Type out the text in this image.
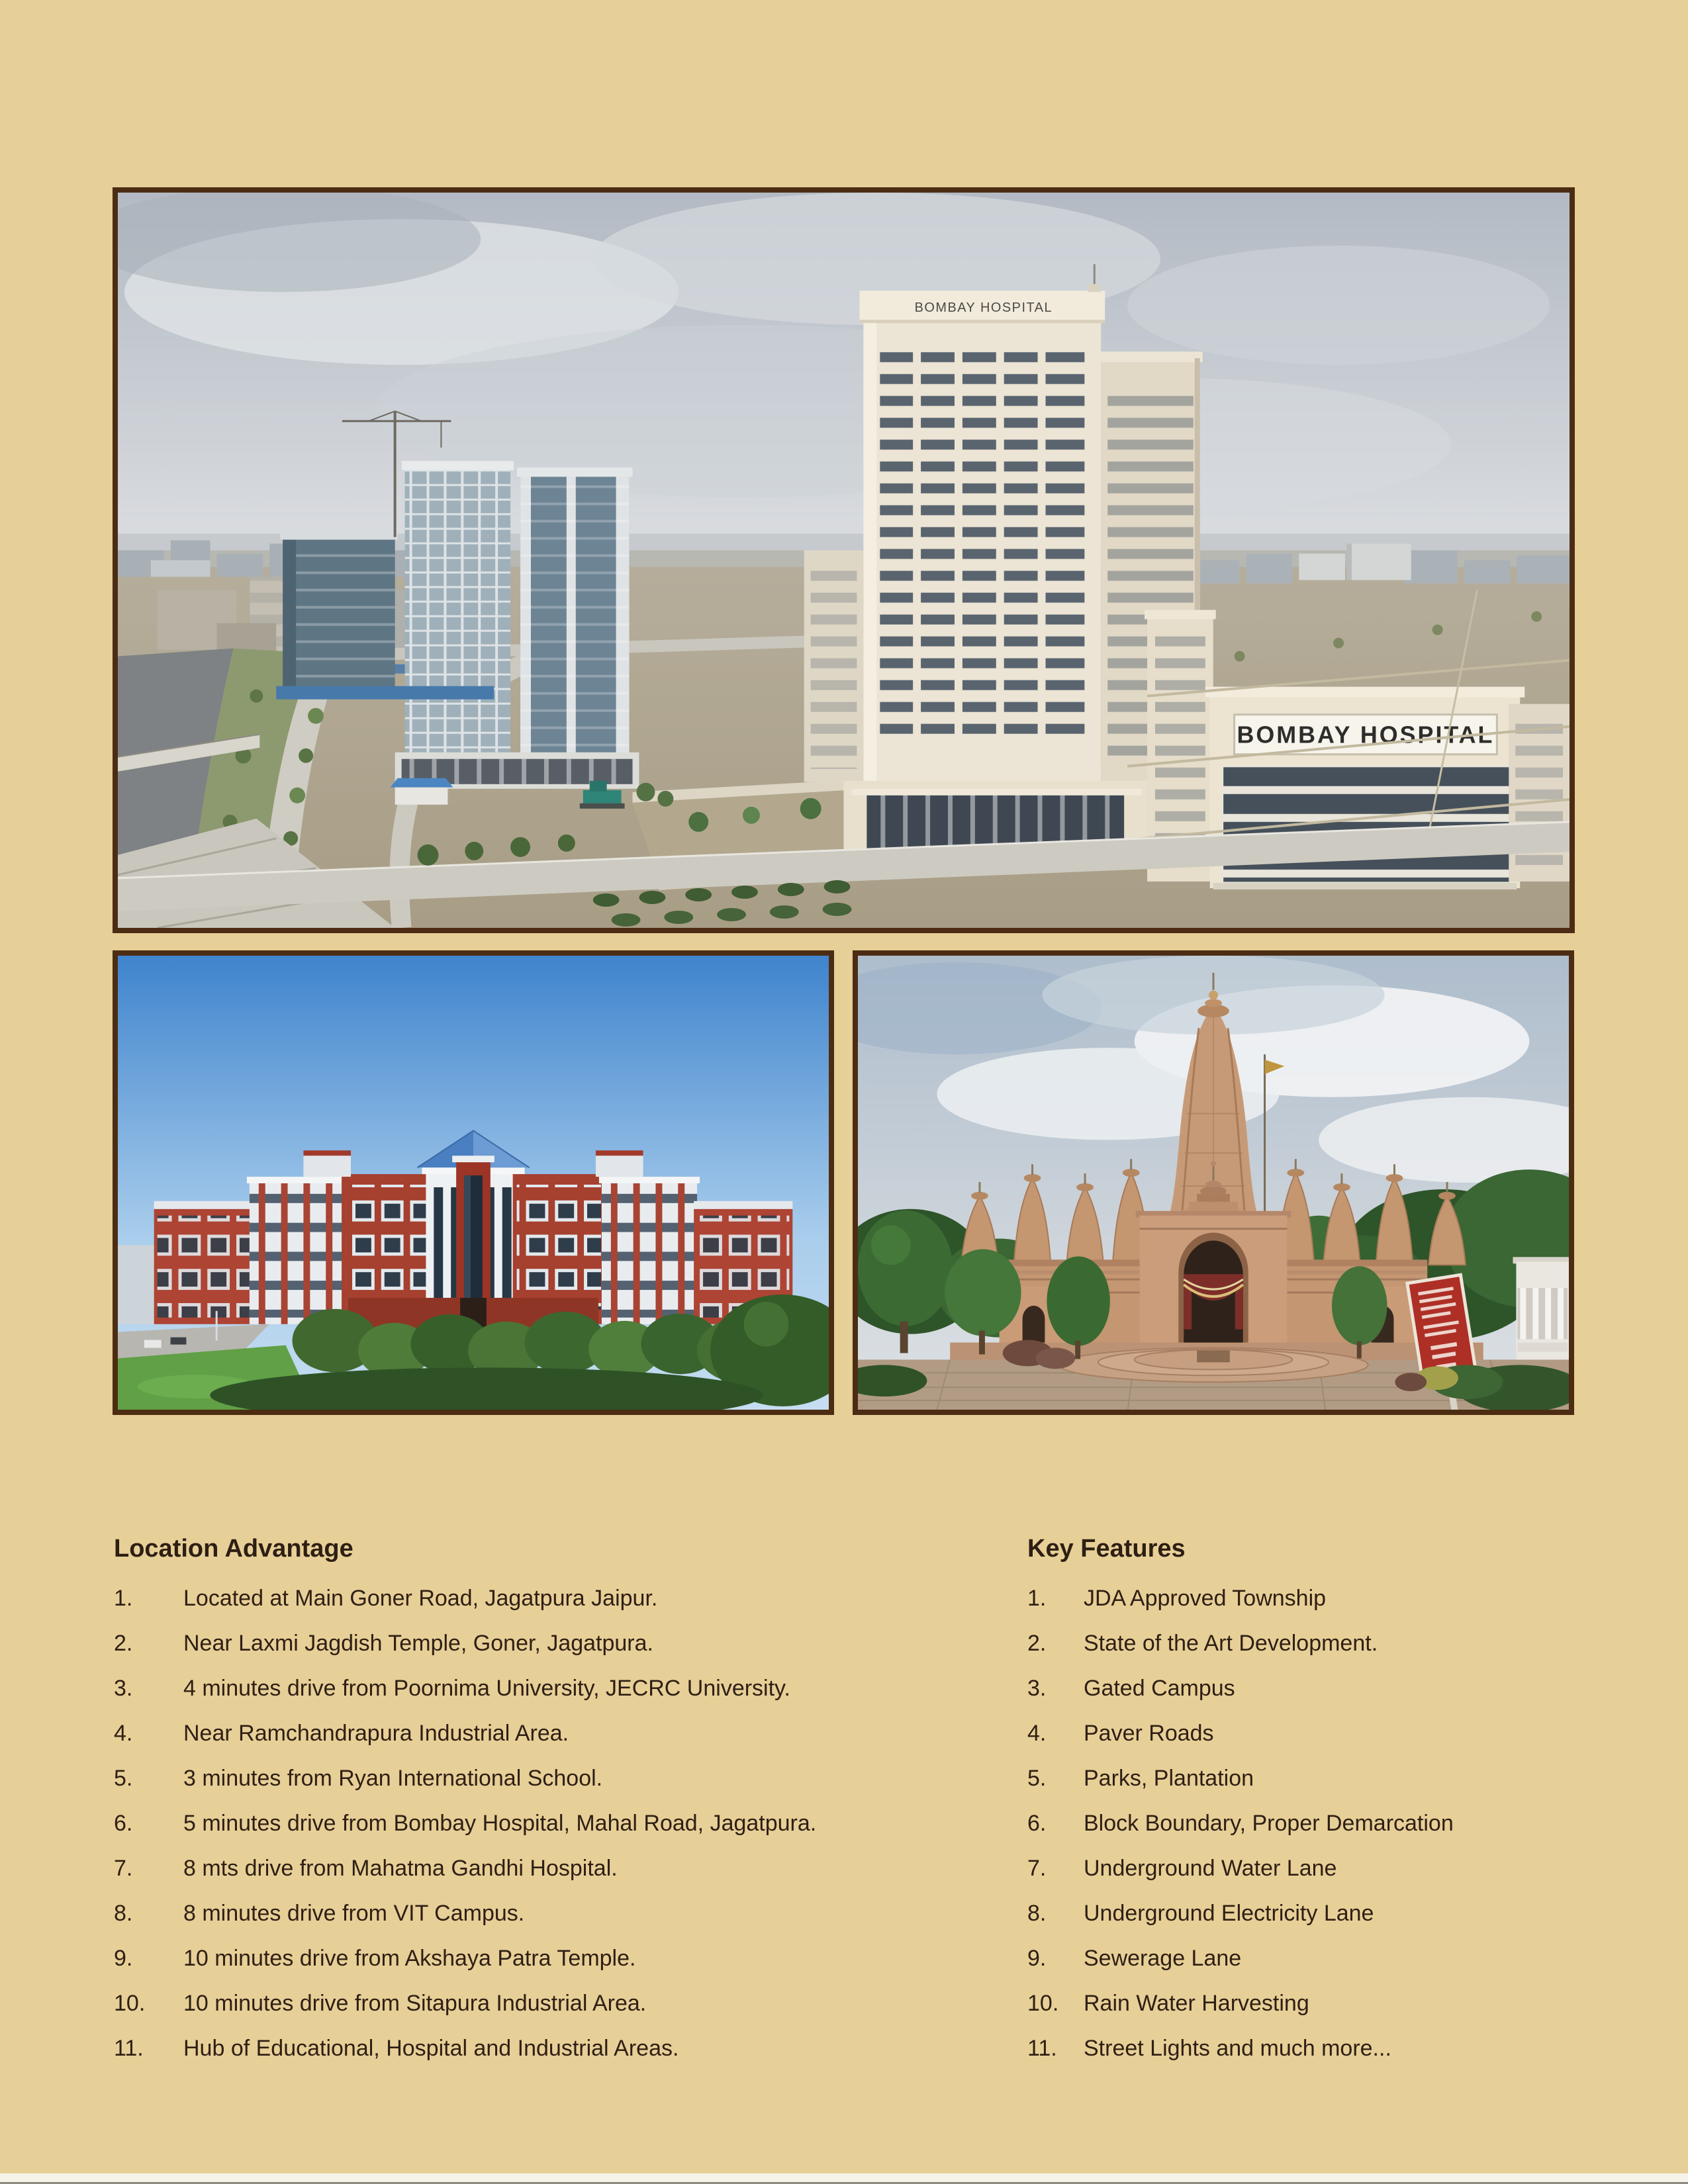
BOMBAY HOSPITAL
BOMBAY HOSPITAL
Location Advantage
1.	Located at Main Goner Road, Jagatpura Jaipur.
2.	Near Laxmi Jagdish Temple, Goner, Jagatpura.
3.	4 minutes drive from Poornima University, JECRC University.
4.	Near Ramchandrapura Industrial Area.
5.	3 minutes from Ryan International School.
6.	5 minutes drive from Bombay Hospital, Mahal Road, Jagatpura.
7.	8 mts drive from Mahatma Gandhi Hospital.
8.	8 minutes drive from VIT Campus.
9.	10 minutes drive from Akshaya Patra Temple.
10.	10 minutes drive from Sitapura Industrial Area.
11.	Hub of Educational, Hospital and Industrial Areas.
Key Features
1.	JDA Approved Township
2.	State of the Art Development.
3.	Gated Campus
4.	Paver Roads
5.	Parks, Plantation
6.	Block Boundary, Proper Demarcation
7.	Underground Water Lane
8.	Underground Electricity Lane
9.	Sewerage Lane
10.	Rain Water Harvesting
11.	Street Lights and much more...
